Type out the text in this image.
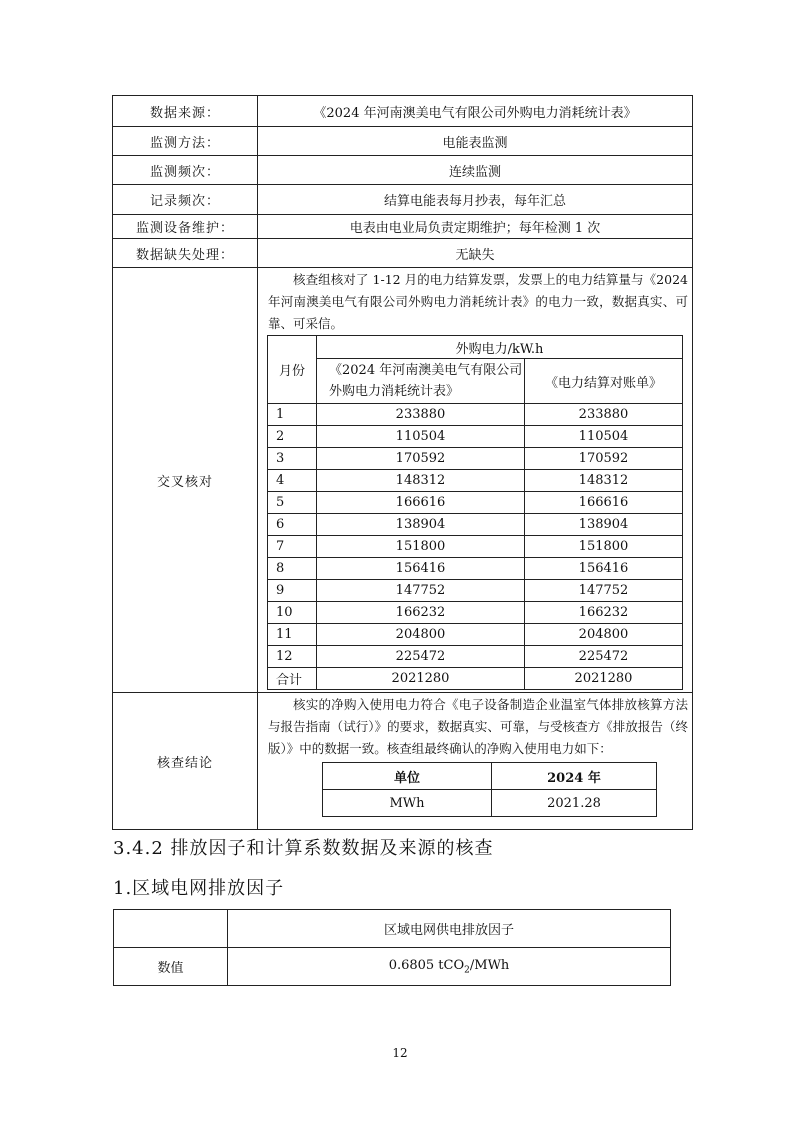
数据来源：	《2024 年河南澳美电气有限公司外购电力消耗统计表》
监测方法：	电能表监测
监测频次：	连续监测
记录频次：	结算电能表每月抄表，每年汇总
监测设备维护：	电表由电业局负责定期维护；每年检测 1 次
数据缺失处理：	无缺失
交叉核对	
核查组核对了 1-12 月的电力结算发票，发票上的电力结算量与《2024 年河南澳美电气有限公司外购电力消耗统计表》的电力一致，数据真实、可靠、可采信。
月份	外购电力/kW.h
《2024 年河南澳美电气有限公司外购电力消耗统计表》	《电力结算对账单》
1	233880	233880
2	110504	110504
3	170592	170592
4	148312	148312
5	166616	166616
6	138904	138904
7	151800	151800
8	156416	156416
9	147752	147752
10	166232	166232
11	204800	204800
12	225472	225472
合计	2021280	2021280

核查结论	
核实的净购入使用电力符合《电子设备制造企业温室气体排放核算方法与报告指南（试行）》的要求，数据真实、可靠，与受核查方《排放报告（终版）》中的数据一致。核查组最终确认的净购入使用电力如下：
单位	2024 年
MWh	2021.28
3.4.2 排放因子和计算系数数据及来源的核查
1.区域电网排放因子
	区域电网供电排放因子
数值	0.6805 tCO$_2$/MWh
12
